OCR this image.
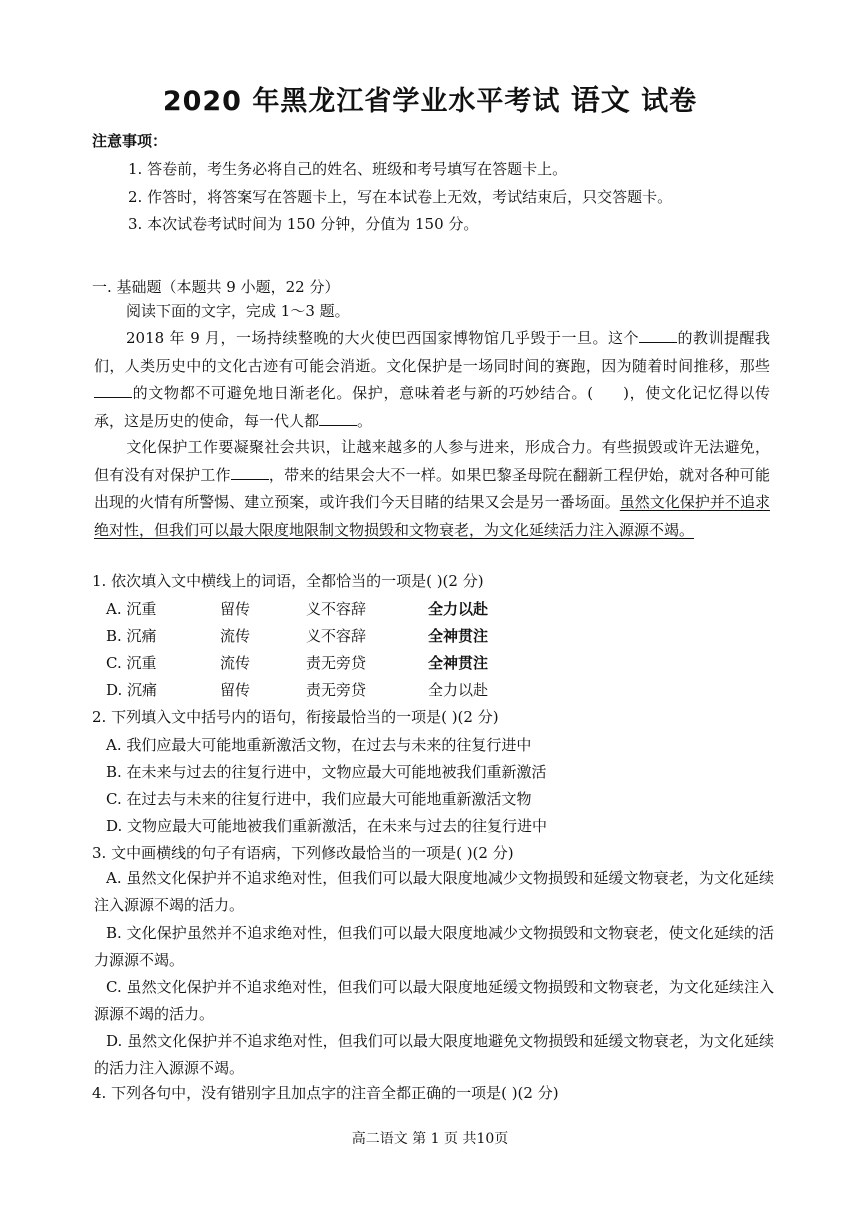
2020 年黑龙江省学业水平考试 语文 试卷
注意事项：
1. 答卷前，考生务必将自己的姓名、班级和考号填写在答题卡上。
2. 作答时，将答案写在答题卡上，写在本试卷上无效，考试结束后，只交答题卡。
3. 本次试卷考试时间为 150 分钟，分值为 150 分。
一. 基础题（本题共 9 小题，22 分）
阅读下面的文字，完成 1～3 题。
2018 年 9 月，一场持续整晚的大火使巴西国家博物馆几乎毁于一旦。这个	的教训提醒我们，人类历史中的文化古迹有可能会消逝。文化保护是一场同时间的赛跑，因为随着时间推移，那些的文物都不可避免地日渐老化。保护，意味着老与新的巧妙结合。( )，使文化记忆得以传承，这是历史的使命，每一代人都	。
文化保护工作要凝聚社会共识，让越来越多的人参与进来，形成合力。有些损毁或许无法避免，但有没有对保护工作	，带来的结果会大不一样。如果巴黎圣母院在翻新工程伊始，就对各种可能出现的火情有所警惕、建立预案，或许我们今天目睹的结果又会是另一番场面。虽然文化保护并不追求绝对性，但我们可以最大限度地限制文物损毁和文物衰老，为文化延续活力注入源源不竭。
1. 依次填入文中横线上的词语，全都恰当的一项是( )(2 分)
A. 沉重	留传	义不容辞	全力以赴
B. 沉痛	流传	义不容辞	全神贯注
C. 沉重	流传	责无旁贷	全神贯注
D. 沉痛	留传	责无旁贷	全力以赴
2. 下列填入文中括号内的语句，衔接最恰当的一项是( )(2 分)
A. 我们应最大可能地重新激活文物，在过去与未来的往复行进中
B. 在未来与过去的往复行进中，文物应最大可能地被我们重新激活
C. 在过去与未来的往复行进中，我们应最大可能地重新激活文物
D. 文物应最大可能地被我们重新激活，在未来与过去的往复行进中
3. 文中画横线的句子有语病，下列修改最恰当的一项是( )(2 分)
A. 虽然文化保护并不追求绝对性，但我们可以最大限度地减少文物损毁和延缓文物衰老，为文化延续注入源源不竭的活力。
B. 文化保护虽然并不追求绝对性，但我们可以最大限度地减少文物损毁和文物衰老，使文化延续的活力源源不竭。
C. 虽然文化保护并不追求绝对性，但我们可以最大限度地延缓文物损毁和文物衰老，为文化延续注入源源不竭的活力。
D. 虽然文化保护并不追求绝对性，但我们可以最大限度地避免文物损毁和延缓文物衰老，为文化延续的活力注入源源不竭。
4. 下列各句中，没有错别字且加点字的注音全都正确的一项是( )(2 分)
高二语文 第 1 页 共10页
